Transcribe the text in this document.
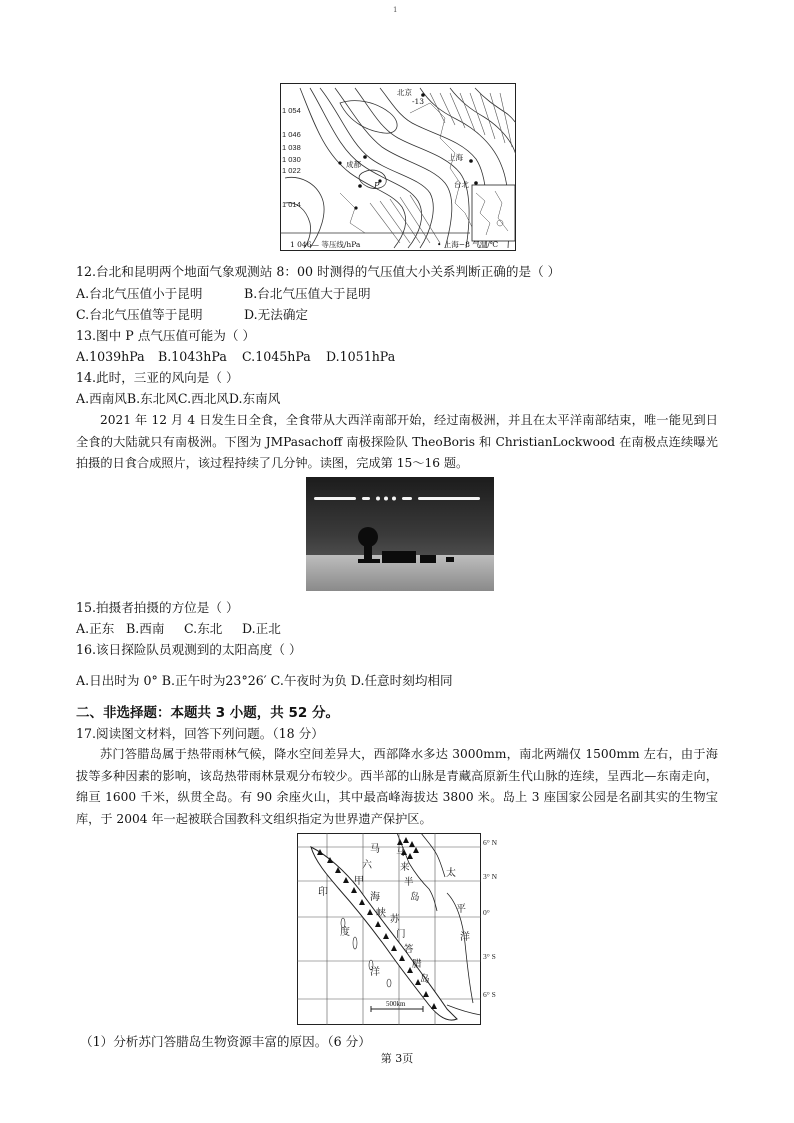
1
1 054
1 046
1 038
1 030
1 022
1 014
北京
-13
上海
成都
P	台北
1 046— 等压线/hPa	• 上海−8 气温/℃
12.台北和昆明两个地面气象观测站 8：00 时测得的气压值大小关系判断正确的是（ ）
A.台北气压值小于昆明	B.台北气压值大于昆明
C.台北气压值等于昆明	D.无法确定
13.图中 P 点气压值可能为（ ）
A.1039hPa B.1043hPa C.1045hPa D.1051hPa
14.此时，三亚的风向是（ ）
A.西南风B.东北风C.西北风D.东南风
2021 年 12 月 4 日发生日全食，全食带从大西洋南部开始，经过南极洲，并且在太平洋南部结束，唯一能见到日全食的大陆就只有南极洲。下图为 JMPasachoff 南极探险队 TheoBoris 和 ChristianLockwood 在南极点连续曝光拍摄的日食合成照片，该过程持续了几分钟。读图，完成第 15～16 题。
15.拍摄者拍摄的方位是（ ）
A.正东 B.西南 C.东北 D.正北
16.该日探险队员观测到的太阳高度（ ）
A.日出时为 0° B.正午时为23°26′ C.午夜时为负 D.任意时刻均相同
二、非选择题：本题共 3 小题，共 52 分。
17.阅读图文材料，回答下列问题。（18 分）
苏门答腊岛属于热带雨林气候，降水空间差异大，西部降水多达 3000mm，南北两端仅 1500mm 左右，由于海拔等多种因素的影响，该岛热带雨林景观分布较少。西半部的山脉是青藏高原新生代山脉的连续，呈西北—东南走向，绵亘 1600 千米，纵贯全岛。有 90 余座火山，其中最高峰海拔达 3800 米。岛上 3 座国家公园是名副其实的生物宝库，于 2004 年一起被联合国教科文组织指定为世界遗产保护区。
6° N
3° N
0°
3° S
6° S
印
度
洋
马
六
甲
海
峡
马
来
半
岛
太
平
洋
苏
门
答
腊
岛
500km
（1）分析苏门答腊岛生物资源丰富的原因。（6 分）
第 3页
